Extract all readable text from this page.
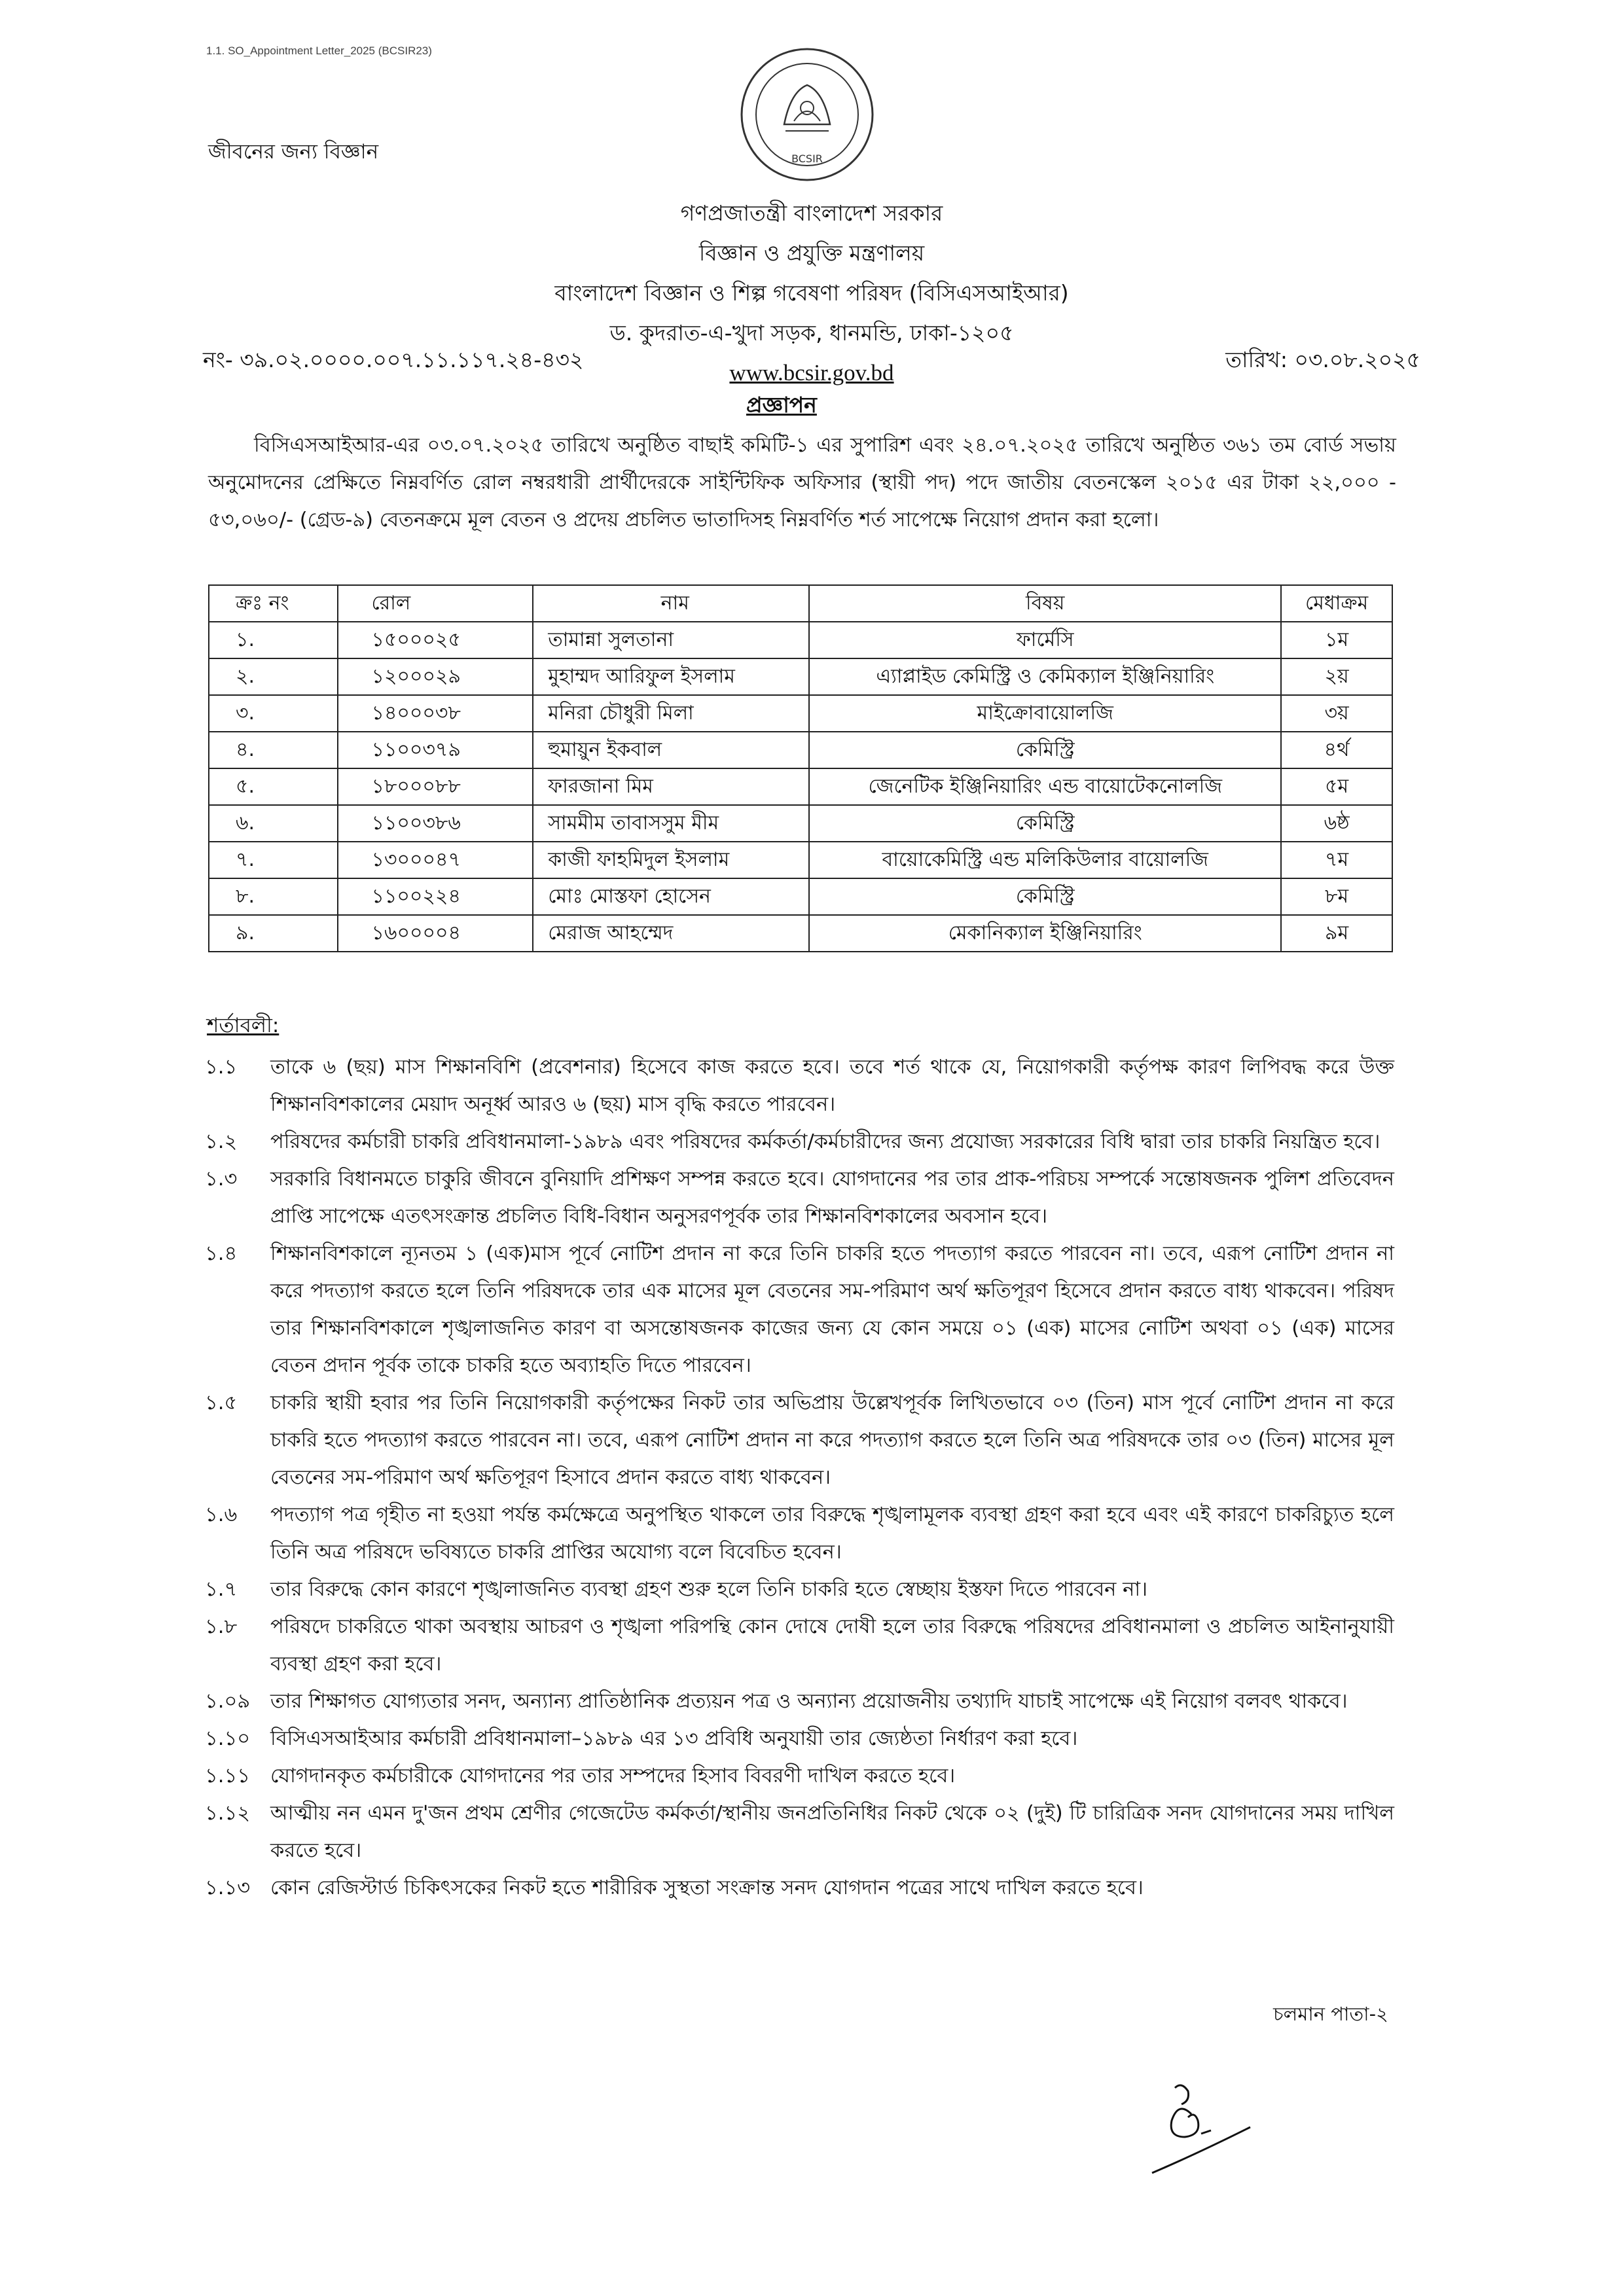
1.1. SO_Appointment Letter_2025 (BCSIR23)
জীবনের জন্য বিজ্ঞান	BCSIR
গণপ্রজাতন্ত্রী বাংলাদেশ সরকার
বিজ্ঞান ও প্রযুক্তি মন্ত্রণালয়
বাংলাদেশ বিজ্ঞান ও শিল্প গবেষণা পরিষদ (বিসিএসআইআর)
ড. কুদরাত-এ-খুদা সড়ক, ধানমন্ডি, ঢাকা-১২০৫
www.bcsir.gov.bd
নং- ৩৯.০২.০০০০.০০৭.১১.১১৭.২৪-৪৩২	তারিখ: ০৩.০৮.২০২৫
প্রজ্ঞাপন
বিসিএসআইআর-এর ০৩.০৭.২০২৫ তারিখে অনুষ্ঠিত বাছাই কমিটি-১ এর সুপারিশ এবং ২৪.০৭.২০২৫ তারিখে অনুষ্ঠিত ৩৬১ তম বোর্ড সভায় অনুমোদনের প্রেক্ষিতে নিম্নবর্ণিত রোল নম্বরধারী প্রার্থীদেরকে সাইন্টিফিক অফিসার (স্থায়ী পদ) পদে জাতীয় বেতনস্কেল ২০১৫ এর টাকা ২২,০০০ - ৫৩,০৬০/- (গ্রেড-৯) বেতনক্রমে মূল বেতন ও প্রদেয় প্রচলিত ভাতাদিসহ নিম্নবর্ণিত শর্ত সাপেক্ষে নিয়োগ প্রদান করা হলো।
ক্রঃ নং	রোল	নাম	বিষয়	মেধাক্রম
১.	১৫০০০২৫	তামান্না সুলতানা	ফার্মেসি	১ম
২.	১২০০০২৯	মুহাম্মদ আরিফুল ইসলাম	এ্যাপ্লাইড কেমিস্ট্রি ও কেমিক্যাল ইঞ্জিনিয়ারিং	২য়
৩.	১৪০০০৩৮	মনিরা চৌধুরী মিলা	মাইক্রোবায়োলজি	৩য়
৪.	১১০০৩৭৯	হুমায়ুন ইকবাল	কেমিস্ট্রি	৪র্থ
৫.	১৮০০০৮৮	ফারজানা মিম	জেনেটিক ইঞ্জিনিয়ারিং এন্ড বায়োটেকনোলজি	৫ম
৬.	১১০০৩৮৬	সামমীম তাবাসসুম মীম	কেমিস্ট্রি	৬ষ্ঠ
৭.	১৩০০০৪৭	কাজী ফাহমিদুল ইসলাম	বায়োকেমিস্ট্রি এন্ড মলিকিউলার বায়োলজি	৭ম
৮.	১১০০২২৪	মোঃ মোস্তফা হোসেন	কেমিস্ট্রি	৮ম
৯.	১৬০০০০৪	মেরাজ আহম্মেদ	মেকানিক্যাল ইঞ্জিনিয়ারিং	৯ম
শর্তাবলী:
১.১	তাকে ৬ (ছয়) মাস শিক্ষানবিশি (প্রবেশনার) হিসেবে কাজ করতে হবে। তবে শর্ত থাকে যে, নিয়োগকারী কর্তৃপক্ষ কারণ লিপিবদ্ধ করে উক্ত শিক্ষানবিশকালের মেয়াদ অনূর্ধ্ব আরও ৬ (ছয়) মাস বৃদ্ধি করতে পারবেন।
১.২	পরিষদের কর্মচারী চাকরি প্রবিধানমালা-১৯৮৯ এবং পরিষদের কর্মকর্তা/কর্মচারীদের জন্য প্রযোজ্য সরকারের বিধি দ্বারা তার চাকরি নিয়ন্ত্রিত হবে।
১.৩	সরকারি বিধানমতে চাকুরি জীবনে বুনিয়াদি প্রশিক্ষণ সম্পন্ন করতে হবে। যোগদানের পর তার প্রাক-পরিচয় সম্পর্কে সন্তোষজনক পুলিশ প্রতিবেদন প্রাপ্তি সাপেক্ষে এতৎসংক্রান্ত প্রচলিত বিধি-বিধান অনুসরণপূর্বক তার শিক্ষানবিশকালের অবসান হবে।
১.৪	শিক্ষানবিশকালে ন্যূনতম ১ (এক)মাস পূর্বে নোটিশ প্রদান না করে তিনি চাকরি হতে পদত্যাগ করতে পারবেন না। তবে, এরূপ নোটিশ প্রদান না করে পদত্যাগ করতে হলে তিনি পরিষদকে তার এক মাসের মূল বেতনের সম-পরিমাণ অর্থ ক্ষতিপূরণ হিসেবে প্রদান করতে বাধ্য থাকবেন। পরিষদ তার শিক্ষানবিশকালে শৃঙ্খলাজনিত কারণ বা অসন্তোষজনক কাজের জন্য যে কোন সময়ে ০১ (এক) মাসের নোটিশ অথবা ০১ (এক) মাসের বেতন প্রদান পূর্বক তাকে চাকরি হতে অব্যাহতি দিতে পারবেন।
১.৫	চাকরি স্থায়ী হবার পর তিনি নিয়োগকারী কর্তৃপক্ষের নিকট তার অভিপ্রায় উল্লেখপূর্বক লিখিতভাবে ০৩ (তিন) মাস পূর্বে নোটিশ প্রদান না করে চাকরি হতে পদত্যাগ করতে পারবেন না। তবে, এরূপ নোটিশ প্রদান না করে পদত্যাগ করতে হলে তিনি অত্র পরিষদকে তার ০৩ (তিন) মাসের মূল বেতনের সম-পরিমাণ অর্থ ক্ষতিপূরণ হিসাবে প্রদান করতে বাধ্য থাকবেন।
১.৬	পদত্যাগ পত্র গৃহীত না হওয়া পর্যন্ত কর্মক্ষেত্রে অনুপস্থিত থাকলে তার বিরুদ্ধে শৃঙ্খলামূলক ব্যবস্থা গ্রহণ করা হবে এবং এই কারণে চাকরিচ্যুত হলে তিনি অত্র পরিষদে ভবিষ্যতে চাকরি প্রাপ্তির অযোগ্য বলে বিবেচিত হবেন।
১.৭	তার বিরুদ্ধে কোন কারণে শৃঙ্খলাজনিত ব্যবস্থা গ্রহণ শুরু হলে তিনি চাকরি হতে স্বেচ্ছায় ইস্তফা দিতে পারবেন না।
১.৮	পরিষদে চাকরিতে থাকা অবস্থায় আচরণ ও শৃঙ্খলা পরিপন্থি কোন দোষে দোষী হলে তার বিরুদ্ধে পরিষদের প্রবিধানমালা ও প্রচলিত আইনানুযায়ী ব্যবস্থা গ্রহণ করা হবে।
১.০৯	তার শিক্ষাগত যোগ্যতার সনদ, অন্যান্য প্রাতিষ্ঠানিক প্রত্যয়ন পত্র ও অন্যান্য প্রয়োজনীয় তথ্যাদি যাচাই সাপেক্ষে এই নিয়োগ বলবৎ থাকবে।
১.১০	বিসিএসআইআর কর্মচারী প্রবিধানমালা–১৯৮৯ এর ১৩ প্রবিধি অনুযায়ী তার জ্যেষ্ঠতা নির্ধারণ করা হবে।
১.১১	যোগদানকৃত কর্মচারীকে যোগদানের পর তার সম্পদের হিসাব বিবরণী দাখিল করতে হবে।
১.১২	আত্মীয় নন এমন দু'জন প্রথম শ্রেণীর গেজেটেড কর্মকর্তা/স্থানীয় জনপ্রতিনিধির নিকট থেকে ০২ (দুই) টি চারিত্রিক সনদ যোগদানের সময় দাখিল করতে হবে।
১.১৩	কোন রেজিস্টার্ড চিকিৎসকের নিকট হতে শারীরিক সুস্থতা সংক্রান্ত সনদ যোগদান পত্রের সাথে দাখিল করতে হবে।
চলমান পাতা-২
